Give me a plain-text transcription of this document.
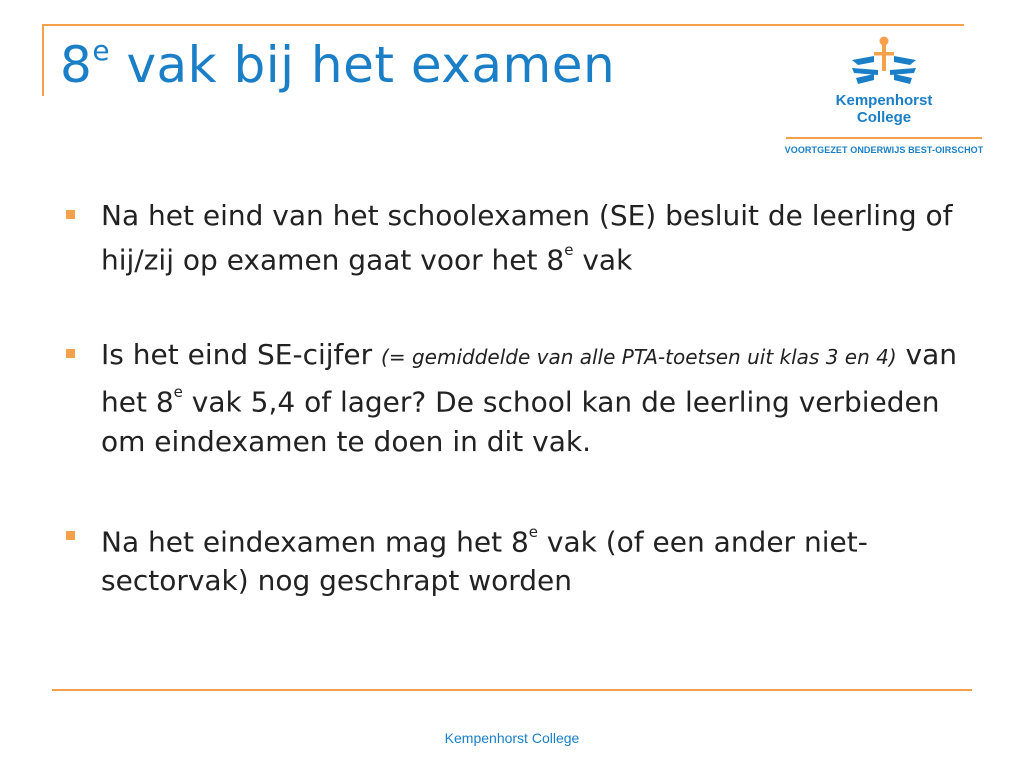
8e vak bij het examen
Kempenhorst
College
VOORTGEZET ONDERWIJS BEST-OIRSCHOT
Na het eind van het schoolexamen (SE) besluit de leerling of hij/zij op examen gaat voor het 8e vak
Is het eind SE-cijfer (= gemiddelde van alle PTA-toetsen uit klas 3 en 4) van het 8e vak 5,4 of lager? De school kan de leerling verbieden om eindexamen te doen in dit vak.
Na het eindexamen mag het 8e vak (of een ander niet-sectorvak) nog geschrapt worden
Kempenhorst College
